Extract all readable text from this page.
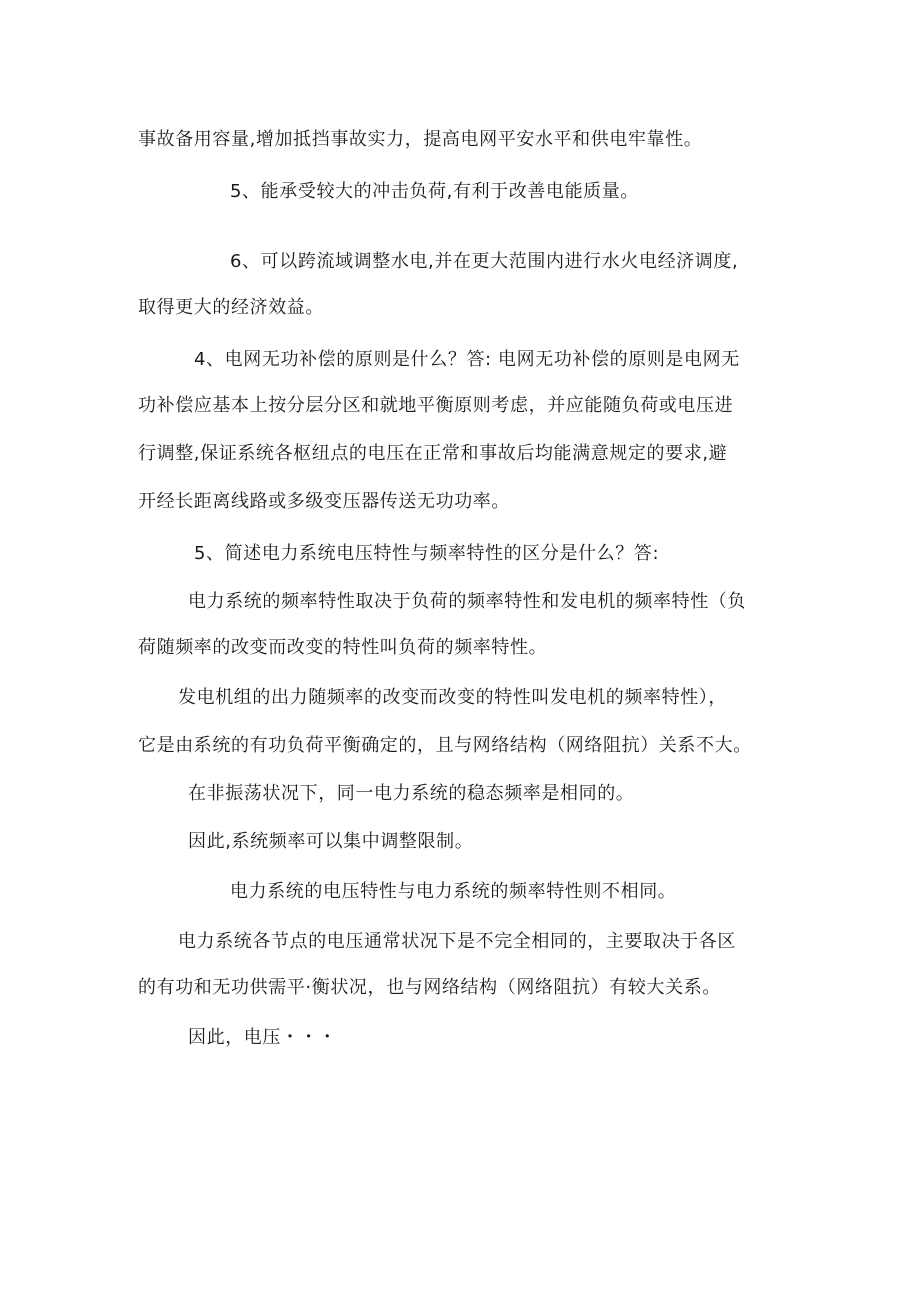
事故备用容量,增加抵挡事故实力，提高电网平安水平和供电牢靠性。
5、能承受较大的冲击负荷,有利于改善电能质量。
6、可以跨流域调整水电,并在更大范围内进行水火电经济调度,
取得更大的经济效益。
4、电网无功补偿的原则是什么？答: 电网无功补偿的原则是电网无
功补偿应基本上按分层分区和就地平衡原则考虑，并应能随负荷或电压进
行调整,保证系统各枢纽点的电压在正常和事故后均能满意规定的要求,避
开经长距离线路或多级变压器传送无功功率。
5、简述电力系统电压特性与频率特性的区分是什么？答:
电力系统的频率特性取决于负荷的频率特性和发电机的频率特性（负
荷随频率的改变而改变的特性叫负荷的频率特性。
发电机组的出力随频率的改变而改变的特性叫发电机的频率特性），
它是由系统的有功负荷平衡确定的，且与网络结构（网络阻抗）关系不大。
在非振荡状况下，同一电力系统的稳态频率是相同的。
因此,系统频率可以集中调整限制。
电力系统的电压特性与电力系统的频率特性则不相同。
电力系统各节点的电压通常状况下是不完全相同的，主要取决于各区
的有功和无功供需平·衡状况，也与网络结构（网络阻抗）有较大关系。
因此，电压・・・
